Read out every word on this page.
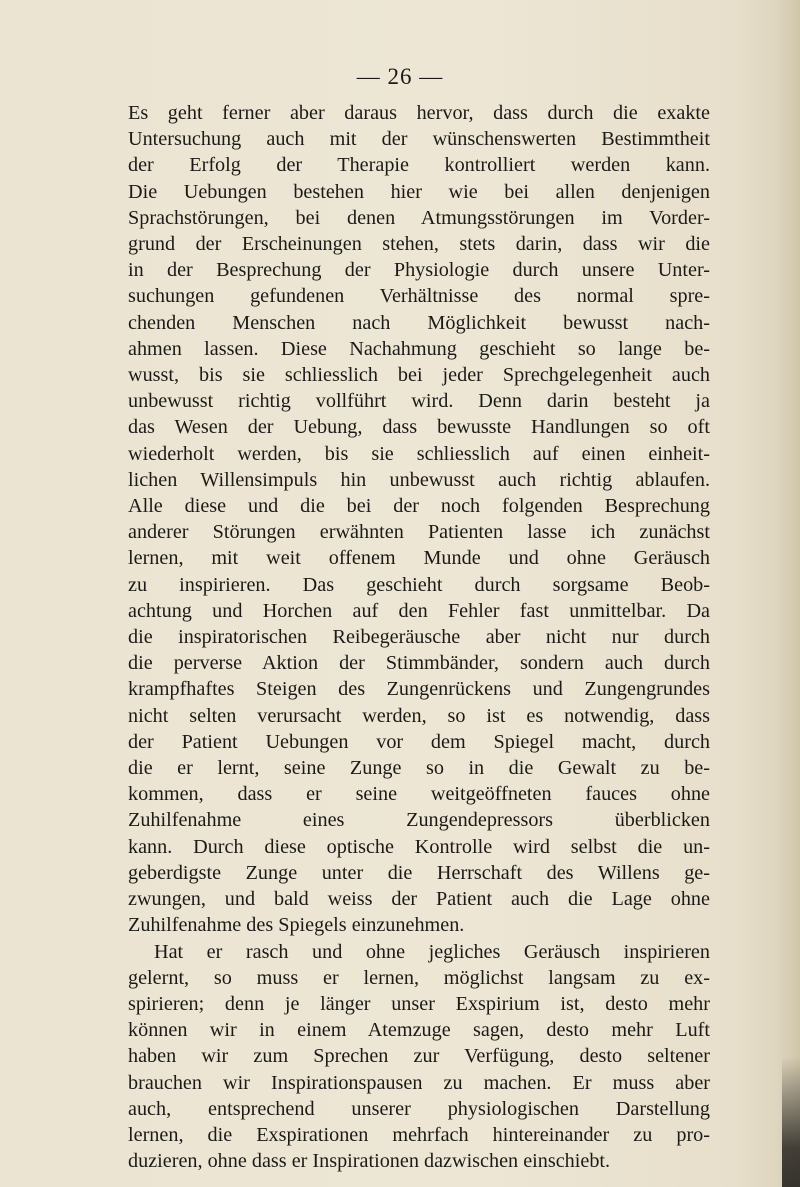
— 26 —

Es geht ferner aber daraus hervor, dass durch die exakte
Untersuchung auch mit der wünschenswerten Bestimmtheit
der Erfolg der Therapie kontrolliert werden kann.
Die Uebungen bestehen hier wie bei allen denjenigen
Sprachstörungen, bei denen Atmungsstörungen im Vorder-
grund der Erscheinungen stehen, stets darin, dass wir die
in der Besprechung der Physiologie durch unsere Unter-
suchungen gefundenen Verhältnisse des normal spre-
chenden Menschen nach Möglichkeit bewusst nach-
ahmen lassen. Diese Nachahmung geschieht so lange be-
wusst, bis sie schliesslich bei jeder Sprechgelegenheit auch
unbewusst richtig vollführt wird. Denn darin besteht ja
das Wesen der Uebung, dass bewusste Handlungen so oft
wiederholt werden, bis sie schliesslich auf einen einheit-
lichen Willensimpuls hin unbewusst auch richtig ablaufen.
Alle diese und die bei der noch folgenden Besprechung
anderer Störungen erwähnten Patienten lasse ich zunächst
lernen, mit weit offenem Munde und ohne Geräusch
zu inspirieren. Das geschieht durch sorgsame Beob-
achtung und Horchen auf den Fehler fast unmittelbar. Da
die inspiratorischen Reibegeräusche aber nicht nur durch
die perverse Aktion der Stimmbänder, sondern auch durch
krampfhaftes Steigen des Zungenrückens und Zungengrundes
nicht selten verursacht werden, so ist es notwendig, dass
der Patient Uebungen vor dem Spiegel macht, durch
die er lernt, seine Zunge so in die Gewalt zu be-
kommen, dass er seine weitgeöffneten fauces ohne
Zuhilfenahme eines Zungendepressors überblicken
kann. Durch diese optische Kontrolle wird selbst die un-
geberdigste Zunge unter die Herrschaft des Willens ge-
zwungen, und bald weiss der Patient auch die Lage ohne
Zuhilfenahme des Spiegels einzunehmen.

Hat er rasch und ohne jegliches Geräusch inspirieren
gelernt, so muss er lernen, möglichst langsam zu ex-
spirieren; denn je länger unser Exspirium ist, desto mehr
können wir in einem Atemzuge sagen, desto mehr Luft
haben wir zum Sprechen zur Verfügung, desto seltener
brauchen wir Inspirationspausen zu machen. Er muss aber
auch, entsprechend unserer physiologischen Darstellung
lernen, die Exspirationen mehrfach hintereinander zu pro-
duzieren, ohne dass er Inspirationen dazwischen einschiebt.
